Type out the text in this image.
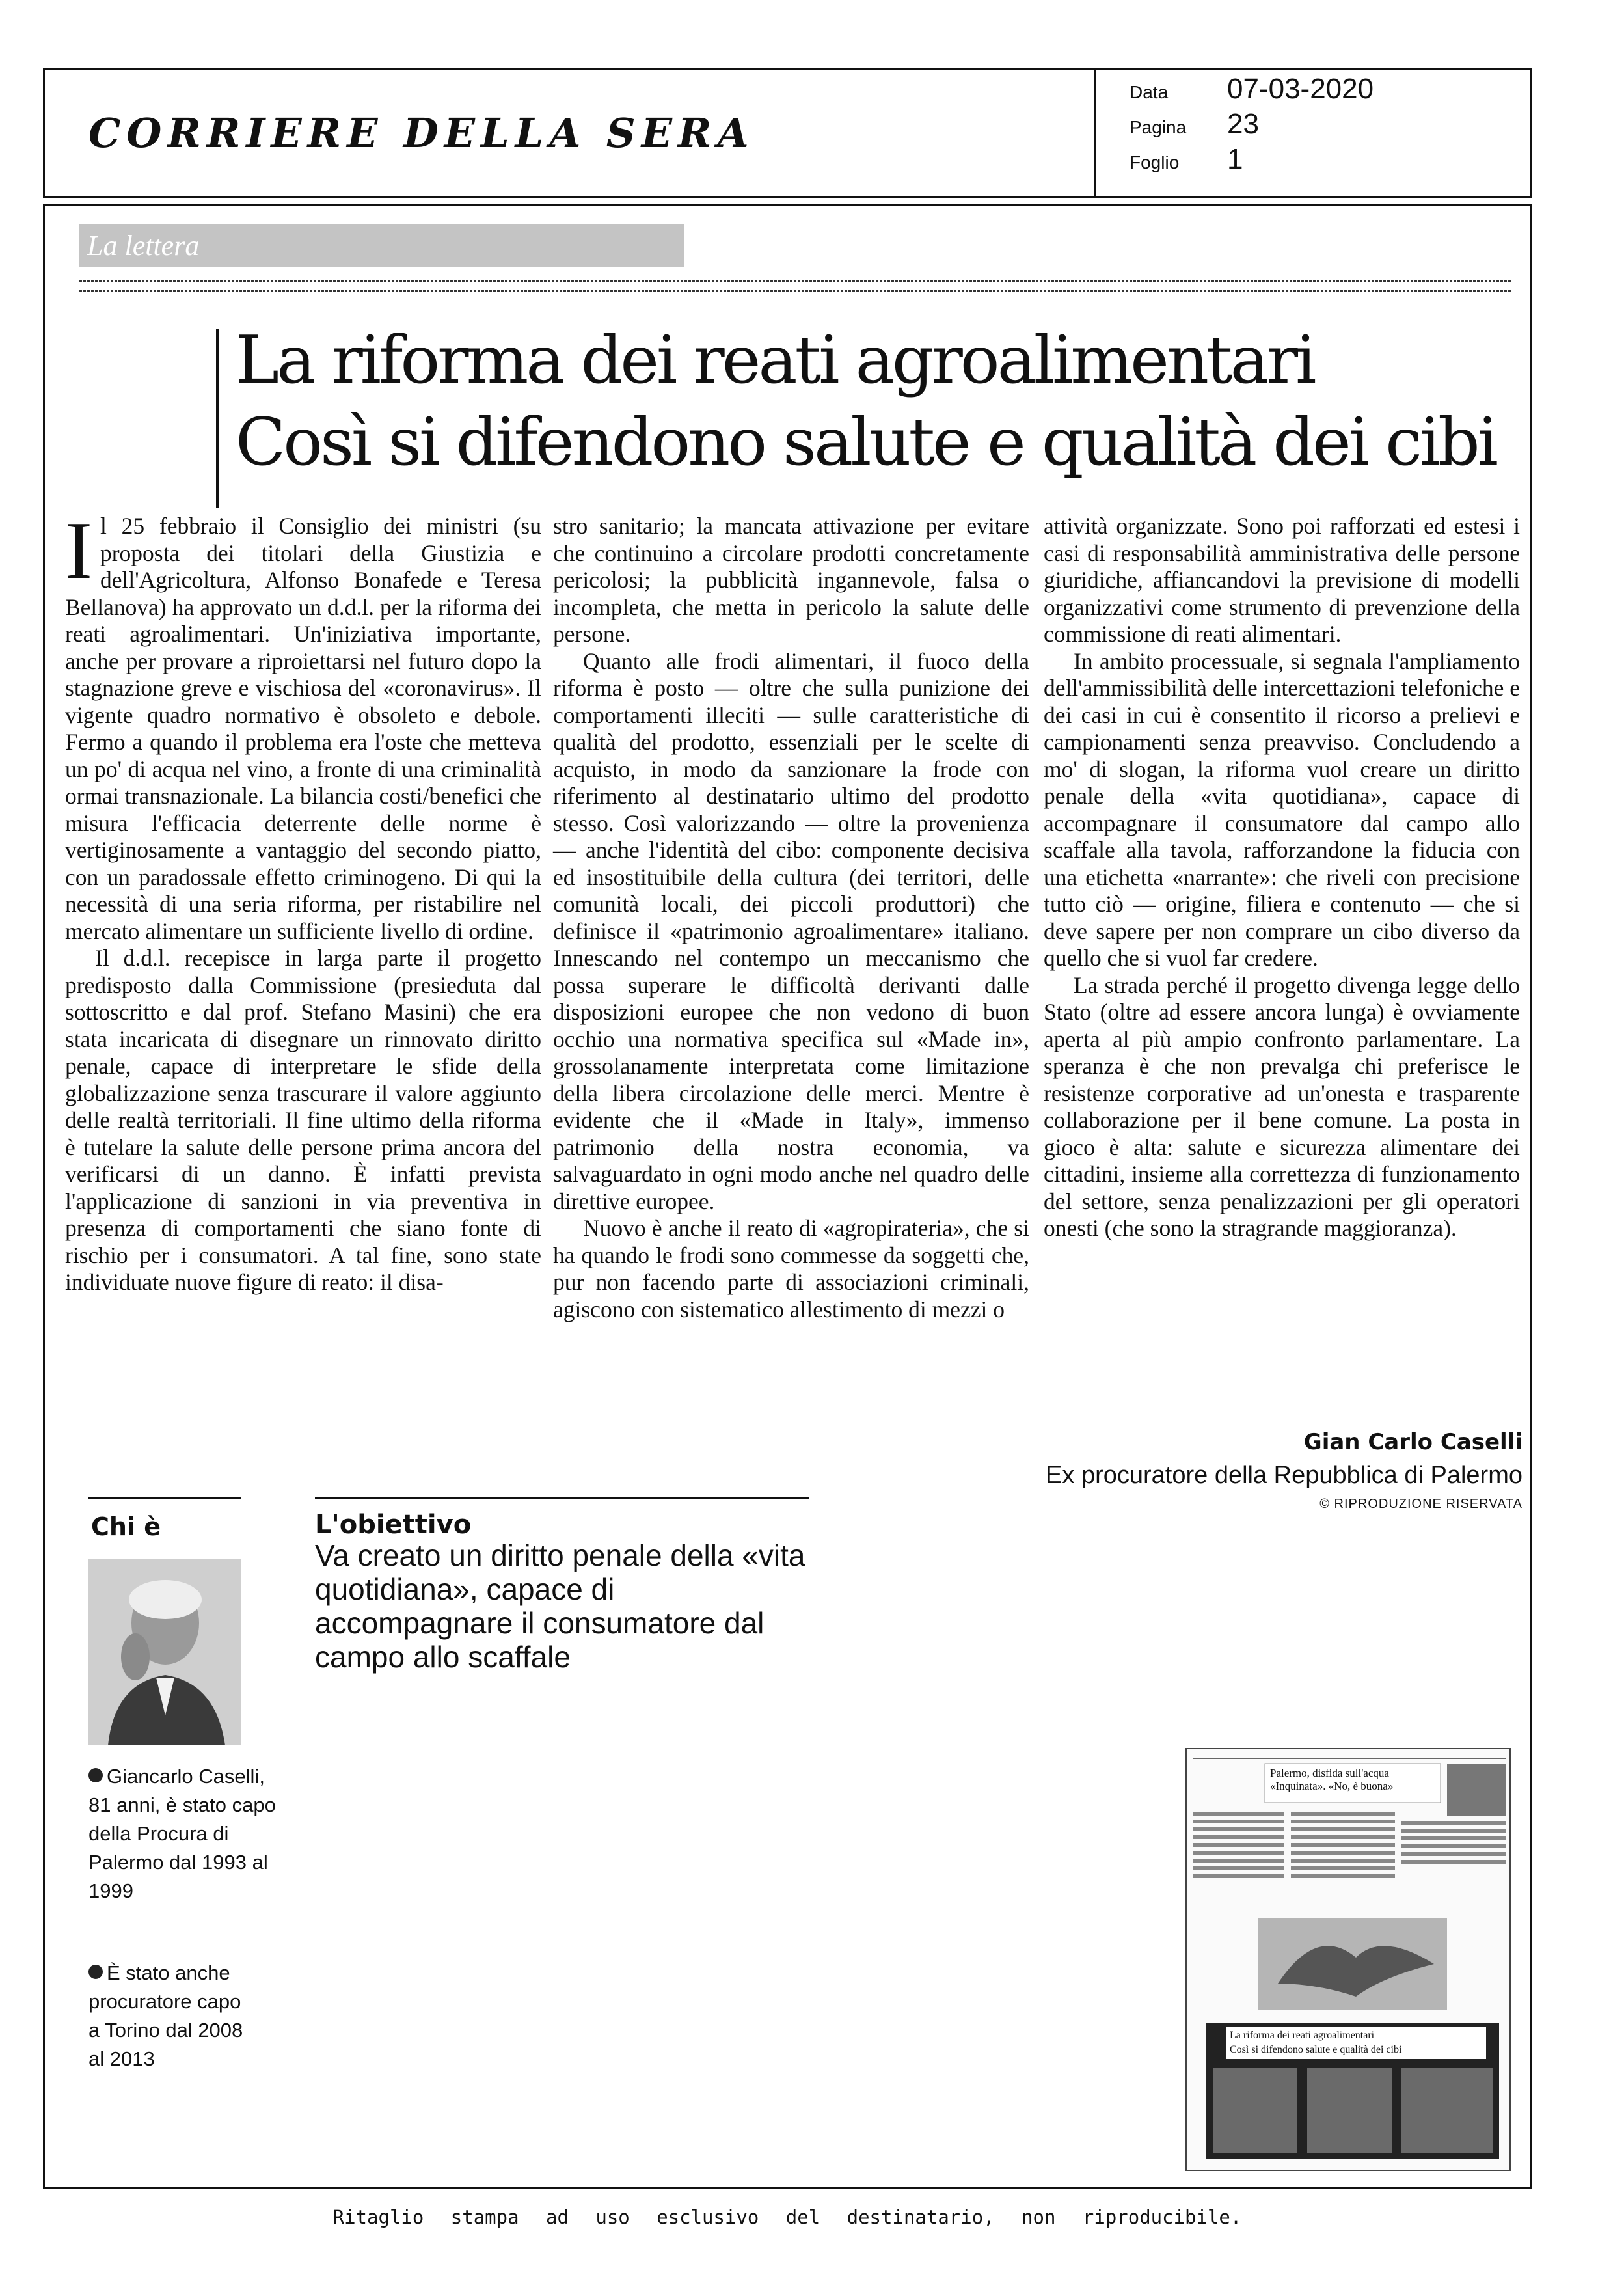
CORRIERE DELLA SERA
Data	07-03-2020
Pagina	23
Foglio	1
La lettera
La riforma dei reati agroalimentari
Così si difendono salute e qualità dei cibi
I l 25 febbraio il Consiglio dei ministri (su proposta dei titolari della Giustizia e dell'Agricoltura, Alfonso Bonafede e Teresa Bellanova) ha approvato un d.d.l. per la riforma dei reati agroalimentari. Un'iniziativa importante, anche per provare a riproiettarsi nel futuro dopo la stagnazione greve e vischiosa del «coronavirus». Il vigente quadro normativo è obsoleto e debole. Fermo a quando il problema era l'oste che metteva un po' di acqua nel vino, a fronte di una criminalità ormai transnazionale. La bilancia costi/benefici che misura l'efficacia deterrente delle norme è vertiginosamente a vantaggio del secondo piatto, con un paradossale effetto criminogeno. Di qui la necessità di una seria riforma, per ristabilire nel mercato alimentare un sufficiente livello di ordine.

Il d.d.l. recepisce in larga parte il progetto predisposto dalla Commissione (presieduta dal sottoscritto e dal prof. Stefano Masini) che era stata incaricata di disegnare un rinnovato diritto penale, capace di interpretare le sfide della globalizzazione senza trascurare il valore aggiunto delle realtà territoriali. Il fine ultimo della riforma è tutelare la salute delle persone prima ancora del verificarsi di un danno. È infatti prevista l'applicazione di sanzioni in via preventiva in presenza di comportamenti che siano fonte di rischio per i consumatori. A tal fine, sono state individuate nuove figure di reato: il disa-

stro sanitario; la mancata attivazione per evitare che continuino a circolare prodotti concretamente pericolosi; la pubblicità ingannevole, falsa o incompleta, che metta in pericolo la salute delle persone.

Quanto alle frodi alimentari, il fuoco della riforma è posto — oltre che sulla punizione dei comportamenti illeciti — sulle caratteristiche di qualità del prodotto, essenziali per le scelte di acquisto, in modo da sanzionare la frode con riferimento al destinatario ultimo del prodotto stesso. Così valorizzando — oltre la provenienza — anche l'identità del cibo: componente decisiva ed insostituibile della cultura (dei territori, delle comunità locali, dei piccoli produttori) che definisce il «patrimonio agroalimentare» italiano. Innescando nel contempo un meccanismo che possa superare le difficoltà derivanti dalle disposizioni europee che non vedono di buon occhio una normativa specifica sul «Made in», grossolanamente interpretata come limitazione della libera circolazione delle merci. Mentre è evidente che il «Made in Italy», immenso patrimonio della nostra economia, va salvaguardato in ogni modo anche nel quadro delle direttive europee.

Nuovo è anche il reato di «agropirateria», che si ha quando le frodi sono commesse da soggetti che, pur non facendo parte di associazioni criminali, agiscono con sistematico allestimento di mezzi o

attività organizzate. Sono poi rafforzati ed estesi i casi di responsabilità amministrativa delle persone giuridiche, affiancandovi la previsione di modelli organizzativi come strumento di prevenzione della commissione di reati alimentari.

In ambito processuale, si segnala l'ampliamento dell'ammissibilità delle intercettazioni telefoniche e dei casi in cui è consentito il ricorso a prelievi e campionamenti senza preavviso. Concludendo a mo' di slogan, la riforma vuol creare un diritto penale della «vita quotidiana», capace di accompagnare il consumatore dal campo allo scaffale alla tavola, rafforzandone la fiducia con una etichetta «narrante»: che riveli con precisione tutto ciò — origine, filiera e contenuto — che si deve sapere per non comprare un cibo diverso da quello che si vuol far credere.

La strada perché il progetto divenga legge dello Stato (oltre ad essere ancora lunga) è ovviamente aperta al più ampio confronto parlamentare. La speranza è che non prevalga chi preferisce le resistenze corporative ad un'onesta e trasparente collaborazione per il bene comune. La posta in gioco è alta: salute e sicurezza alimentare dei cittadini, insieme alla correttezza di funzionamento del settore, senza penalizzazioni per gli operatori onesti (che sono la stragrande maggioranza).

Gian Carlo Caselli
Ex procuratore della Repubblica di Palermo
© RIPRODUZIONE RISERVATA
Chi è
Giancarlo Caselli, 81 anni, è stato capo della Procura di Palermo dal 1993 al 1999
È stato anche procuratore capo a Torino dal 2008 al 2013
L'obiettivo
Va creato un diritto penale della «vita quotidiana», capace di accompagnare il consumatore dal campo allo scaffale
Palermo, disfida sull'acqua
«Inquinata». «No, è buona»
La riforma dei reati agroalimentari
Così si difendono salute e qualità dei cibi
Ritaglio stampa ad uso esclusivo del destinatario, non riproducibile.
